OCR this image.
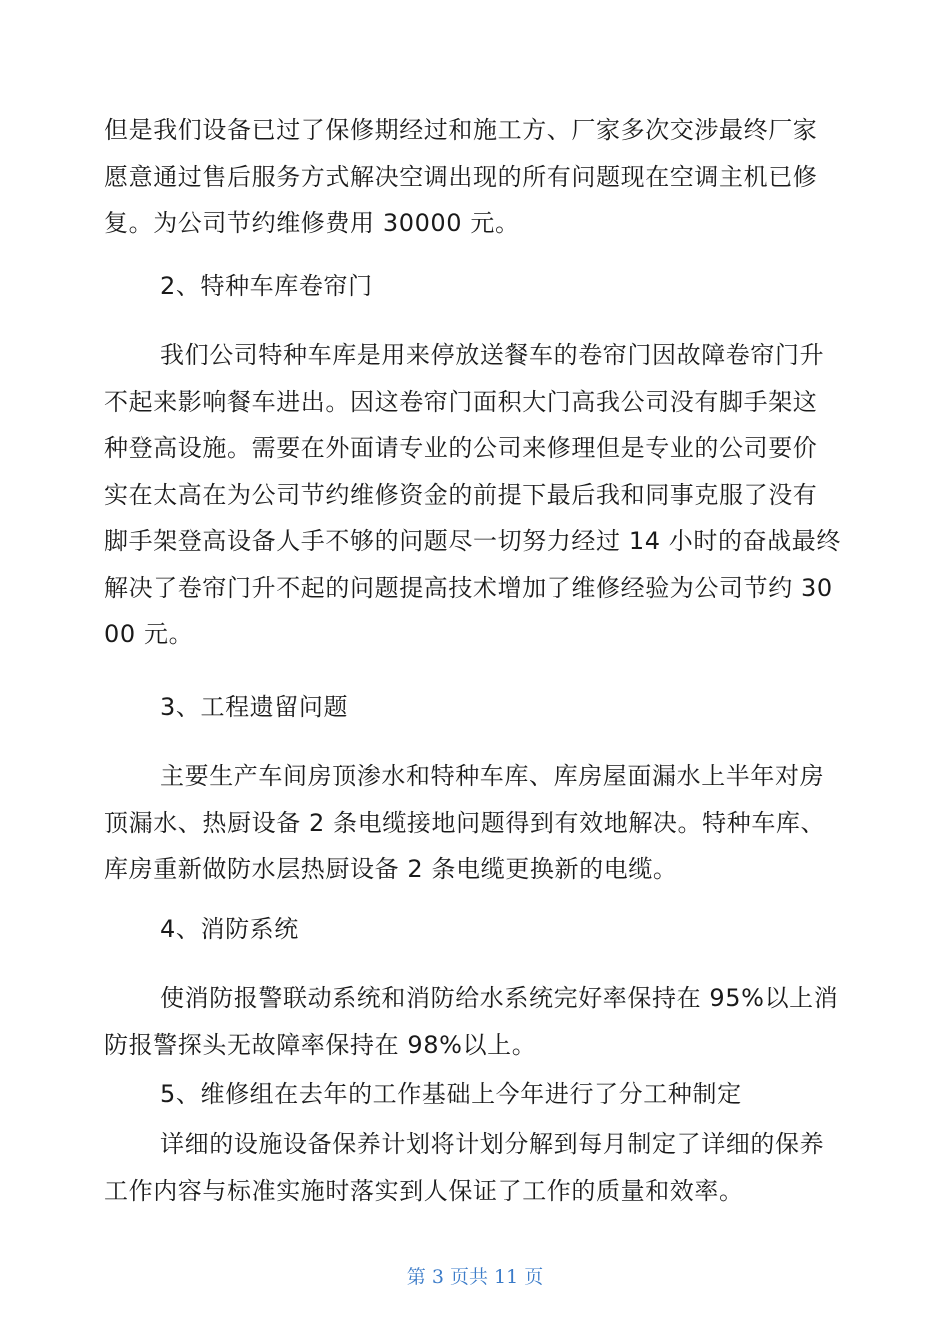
但是我们设备已过了保修期经过和施工方、厂家多次交涉最终厂家
愿意通过售后服务方式解决空调出现的所有问题现在空调主机已修
复。为公司节约维修费用 30000 元。

2、特种车库卷帘门

我们公司特种车库是用来停放送餐车的卷帘门因故障卷帘门升
不起来影响餐车进出。因这卷帘门面积大门高我公司没有脚手架这
种登高设施。需要在外面请专业的公司来修理但是专业的公司要价
实在太高在为公司节约维修资金的前提下最后我和同事克服了没有
脚手架登高设备人手不够的问题尽一切努力经过 14 小时的奋战最终
解决了卷帘门升不起的问题提高技术增加了维修经验为公司节约 30
00 元。

3、工程遗留问题

主要生产车间房顶渗水和特种车库、库房屋面漏水上半年对房
顶漏水、热厨设备 2 条电缆接地问题得到有效地解决。特种车库、
库房重新做防水层热厨设备 2 条电缆更换新的电缆。

4、消防系统

使消防报警联动系统和消防给水系统完好率保持在 95%以上消
防报警探头无故障率保持在 98%以上。

5、维修组在去年的工作基础上今年进行了分工种制定

详细的设施设备保养计划将计划分解到每月制定了详细的保养
工作内容与标准实施时落实到人保证了工作的质量和效率。

第 3 页共 11 页
